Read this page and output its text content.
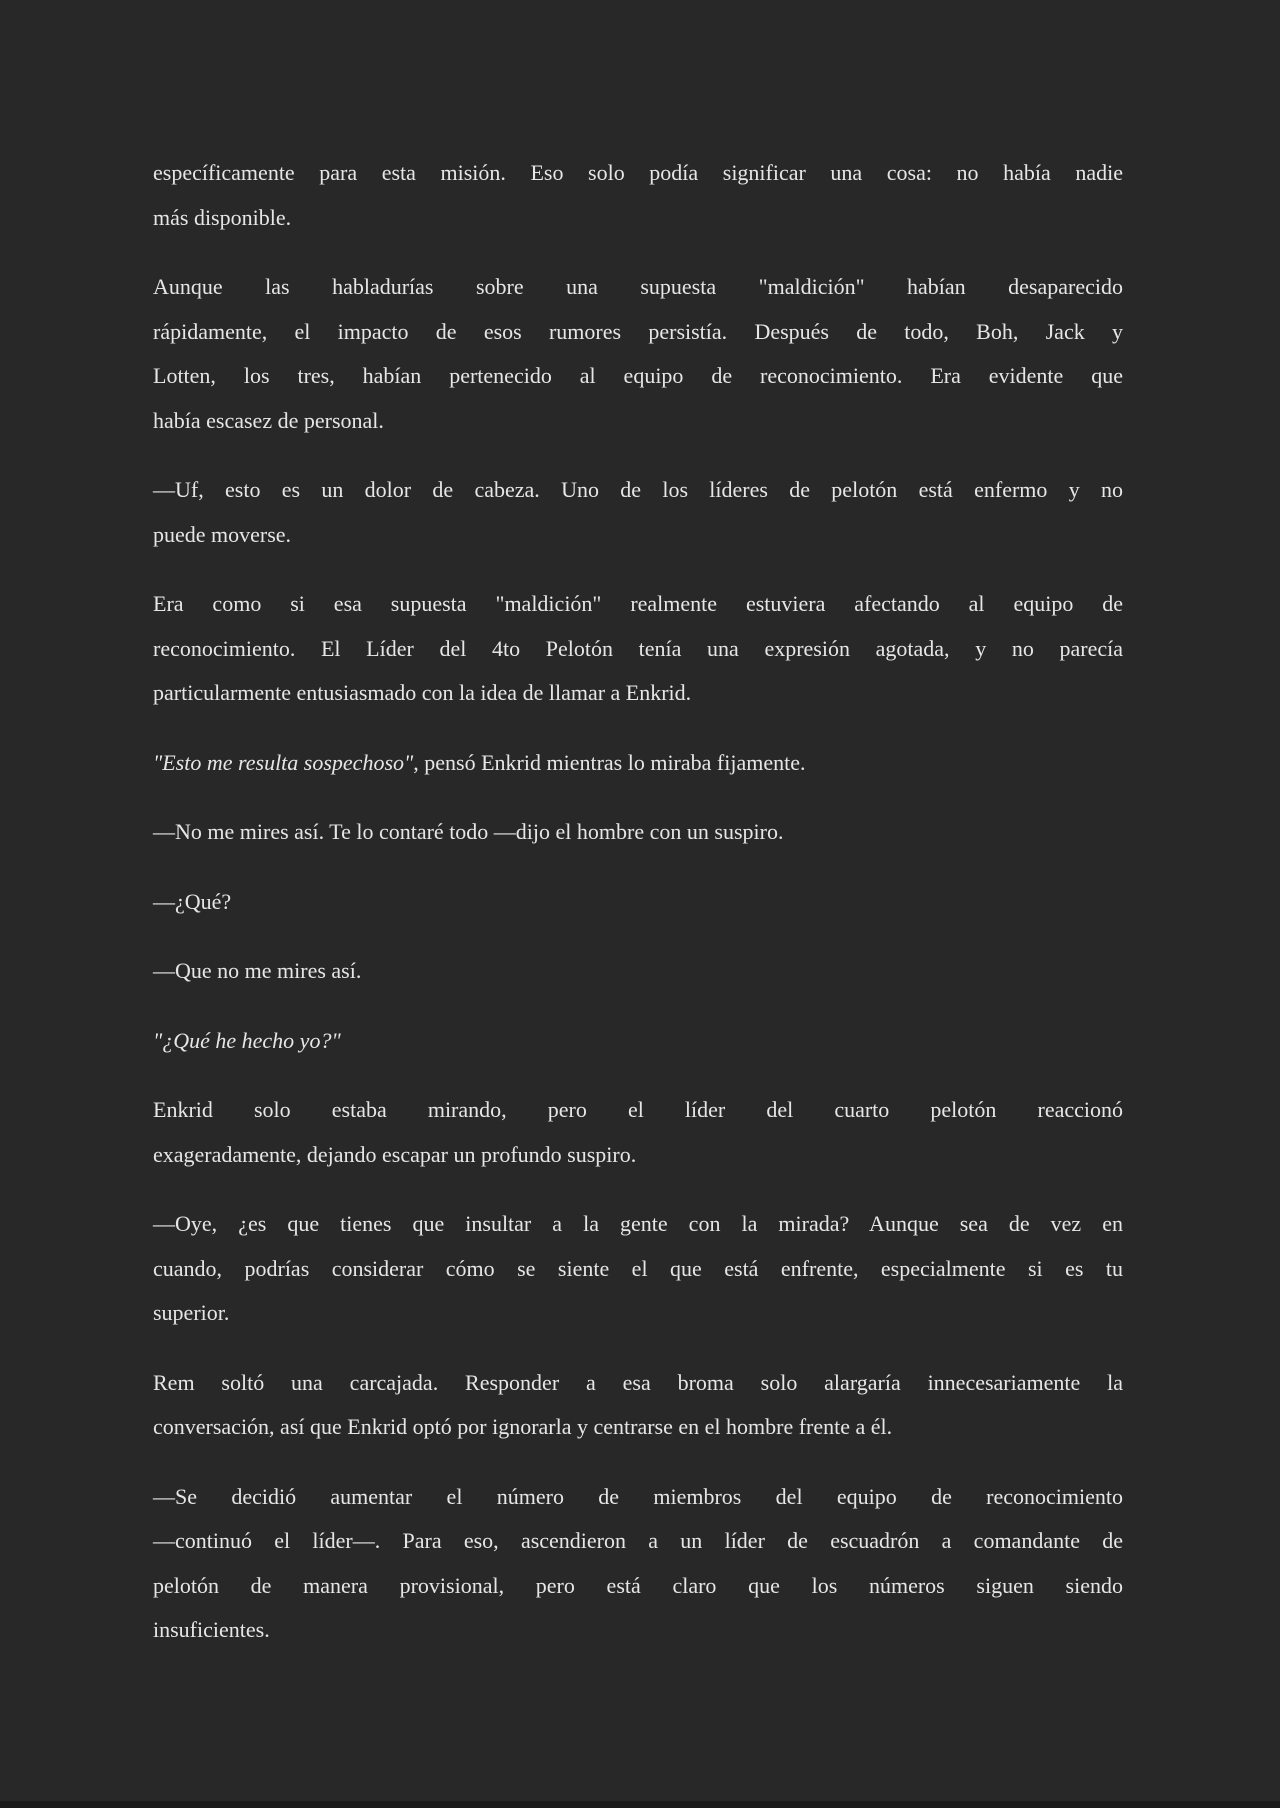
específicamente para esta misión. Eso solo podía significar una cosa: no había nadie
más disponible.
Aunque las habladurías sobre una supuesta "maldición" habían desaparecido
rápidamente, el impacto de esos rumores persistía. Después de todo, Boh, Jack y
Lotten, los tres, habían pertenecido al equipo de reconocimiento. Era evidente que
había escasez de personal.
—Uf, esto es un dolor de cabeza. Uno de los líderes de pelotón está enfermo y no
puede moverse.
Era como si esa supuesta "maldición" realmente estuviera afectando al equipo de
reconocimiento. El Líder del 4to Pelotón tenía una expresión agotada, y no parecía
particularmente entusiasmado con la idea de llamar a Enkrid.
"Esto me resulta sospechoso", pensó Enkrid mientras lo miraba fijamente.
—No me mires así. Te lo contaré todo —dijo el hombre con un suspiro.
—¿Qué?
—Que no me mires así.
"¿Qué he hecho yo?"
Enkrid solo estaba mirando, pero el líder del cuarto pelotón reaccionó
exageradamente, dejando escapar un profundo suspiro.
—Oye, ¿es que tienes que insultar a la gente con la mirada? Aunque sea de vez en
cuando, podrías considerar cómo se siente el que está enfrente, especialmente si es tu
superior.
Rem soltó una carcajada. Responder a esa broma solo alargaría innecesariamente la
conversación, así que Enkrid optó por ignorarla y centrarse en el hombre frente a él.
—Se decidió aumentar el número de miembros del equipo de reconocimiento
—continuó el líder—. Para eso, ascendieron a un líder de escuadrón a comandante de
pelotón de manera provisional, pero está claro que los números siguen siendo
insuficientes.
